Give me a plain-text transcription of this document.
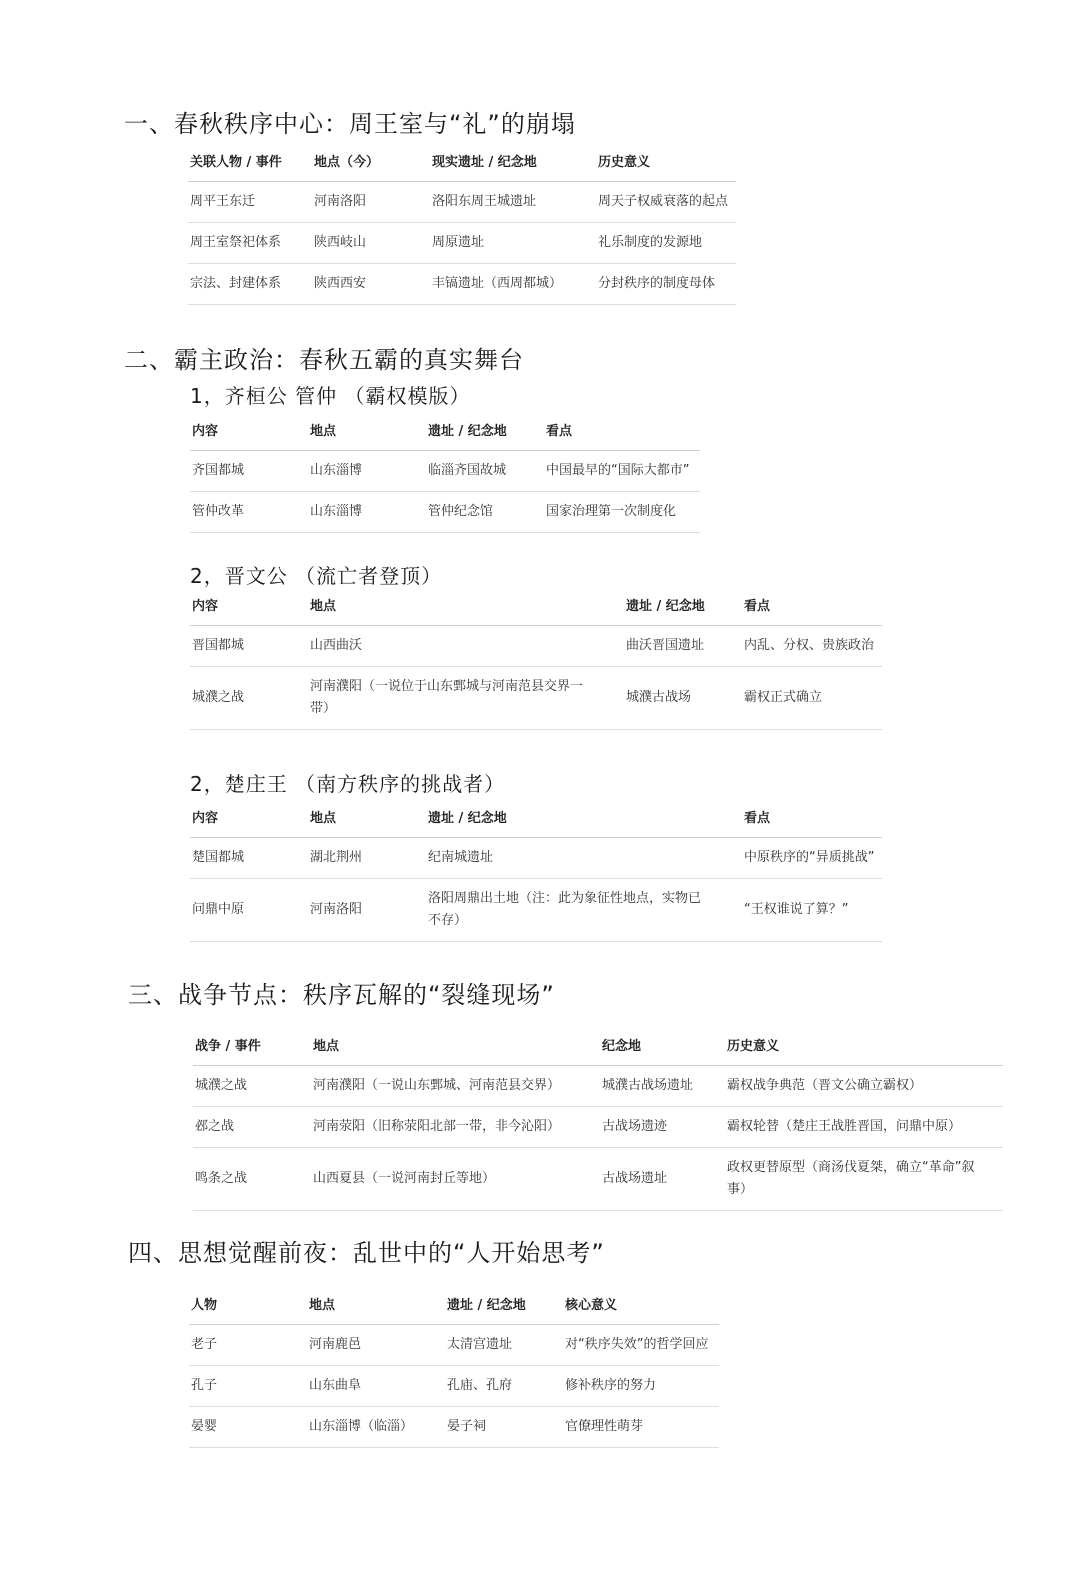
一、春秋秩序中心：周王室与“礼”的崩塌
关联人物 / 事件	地点（今）	现实遗址 / 纪念地	历史意义
周平王东迁	河南洛阳	洛阳东周王城遗址	周天子权威衰落的起点
周王室祭祀体系	陕西岐山	周原遗址	礼乐制度的发源地
宗法、封建体系	陕西西安	丰镐遗址（西周都城）	分封秩序的制度母体
二、霸主政治：春秋五霸的真实舞台
1，齐桓公 管仲 （霸权模版）
内容	地点	遗址 / 纪念地	看点
齐国都城	山东淄博	临淄齐国故城	中国最早的“国际大都市”
管仲改革	山东淄博	管仲纪念馆	国家治理第一次制度化
2，晋文公 （流亡者登顶）
内容	地点	遗址 / 纪念地	看点
晋国都城	山西曲沃	曲沃晋国遗址	内乱、分权、贵族政治
城濮之战	河南濮阳（一说位于山东鄄城与河南范县交界一带）	城濮古战场	霸权正式确立
2，楚庄王 （南方秩序的挑战者）
内容	地点	遗址 / 纪念地	看点
楚国都城	湖北荆州	纪南城遗址	中原秩序的“异质挑战”
问鼎中原	河南洛阳	洛阳周鼎出土地（注：此为象征性地点，实物已不存）	“王权谁说了算？”
三、战争节点：秩序瓦解的“裂缝现场”
战争 / 事件	地点	纪念地	历史意义
城濮之战	河南濮阳（一说山东鄄城、河南范县交界）	城濮古战场遗址	霸权战争典范（晋文公确立霸权）
邲之战	河南荥阳（旧称荥阳北部一带，非今沁阳）	古战场遗迹	霸权轮替（楚庄王战胜晋国，问鼎中原）
鸣条之战	山西夏县（一说河南封丘等地）	古战场遗址	政权更替原型（商汤伐夏桀，确立“革命”叙事）
四、思想觉醒前夜：乱世中的“人开始思考”
人物	地点	遗址 / 纪念地	核心意义
老子	河南鹿邑	太清宫遗址	对“秩序失效”的哲学回应
孔子	山东曲阜	孔庙、孔府	修补秩序的努力
晏婴	山东淄博（临淄）	晏子祠	官僚理性萌芽
